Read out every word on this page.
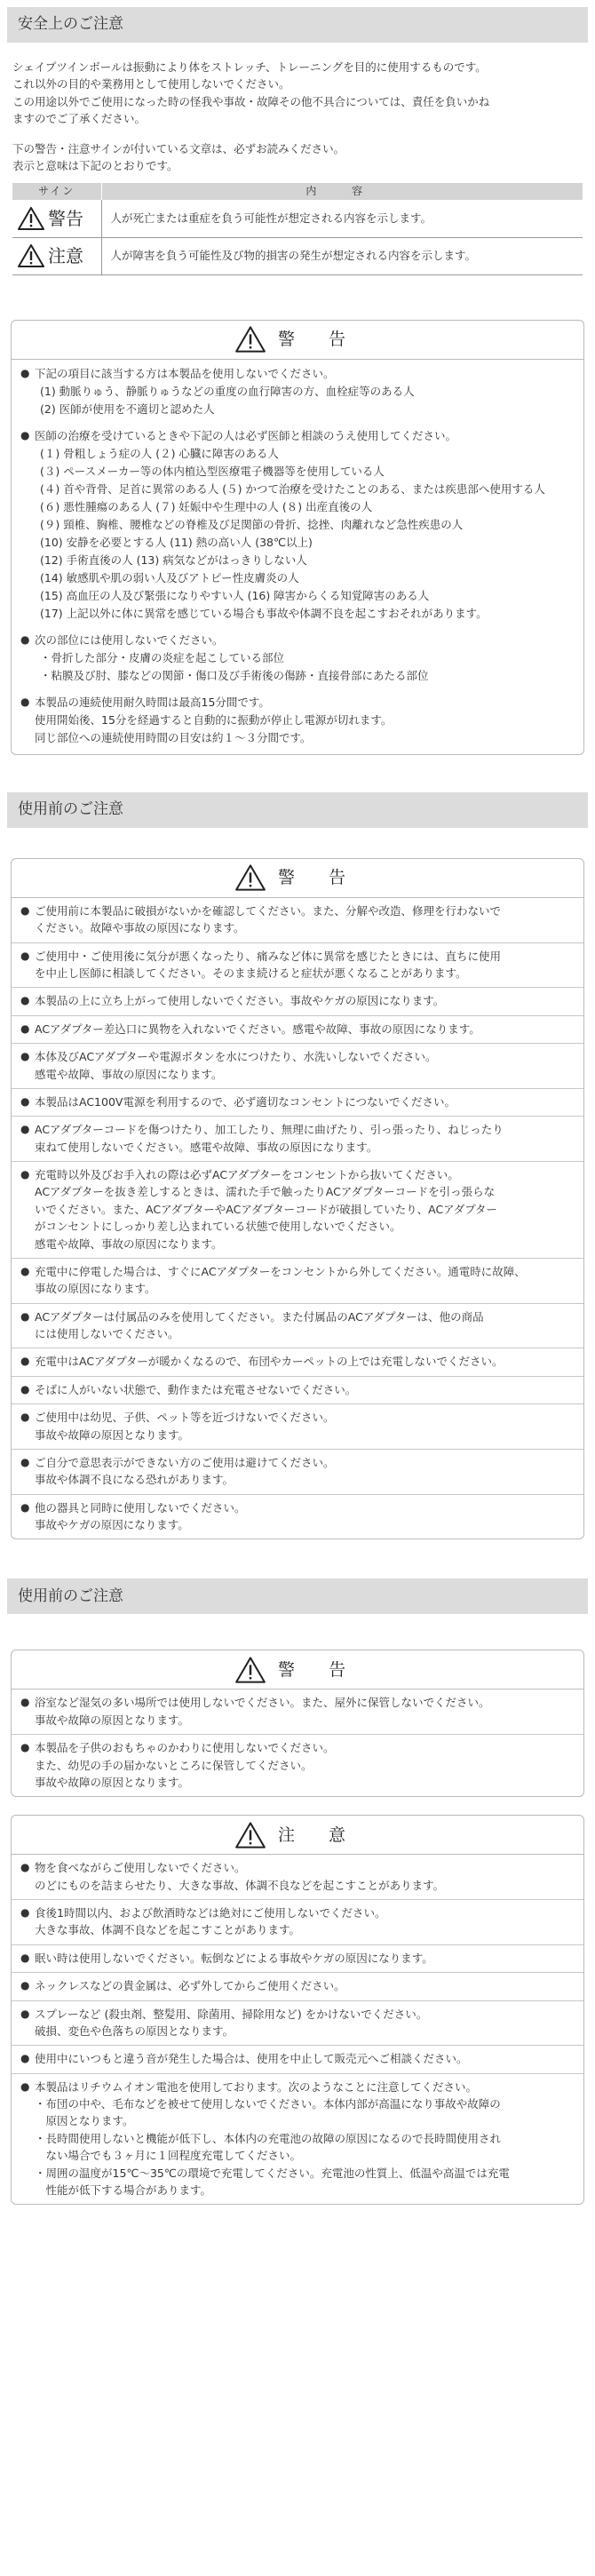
安全上のご注意

シェイプツインボールは振動により体をストレッチ、トレーニングを目的に使用するものです。

これ以外の目的や業務用として使用しないでください。

この用途以外でご使用になった時の怪我や事故・故障その他不具合については、責任を負いかね

ますのでご了承ください。

下の警告・注意サインが付いている文章は、必ずお読みください。

表示と意味は下記のとおりです。

サイン	内 容

警告	人が死亡または重症を負う可能性が想定される内容を示します。

注意	人が障害を負う可能性及び物的損害の発生が想定される内容を示します。
警 告
● 下記の項目に該当する方は本製品を使用しないでください。
(1) 動脈りゅう、静脈りゅうなどの重度の血行障害の方、血栓症等のある人
(2) 医師が使用を不適切と認めた人
● 医師の治療を受けているときや下記の人は必ず医師と相談のうえ使用してください。
(１) 骨粗しょう症の人 (２) 心臓に障害のある人
(３) ペースメーカー等の体内植込型医療電子機器等を使用している人
(４) 首や背骨、足首に異常のある人 (５) かつて治療を受けたことのある、または疾患部へ使用する人
(６) 悪性腫瘍のある人 (７) 妊娠中や生理中の人 (８) 出産直後の人
(９) 頸椎、胸椎、腰椎などの脊椎及び足関節の骨折、捻挫、肉離れなど急性疾患の人
(10) 安静を必要とする人 (11) 熱の高い人 (38℃以上)
(12) 手術直後の人 (13) 病気などがはっきりしない人
(14) 敏感肌や肌の弱い人及びアトピー性皮膚炎の人
(15) 高血圧の人及び緊張になりやすい人 (16) 障害からくる知覚障害のある人
(17) 上記以外に体に異常を感じている場合も事故や体調不良を起こすおそれがあります。
● 次の部位には使用しないでください。
・骨折した部分・皮膚の炎症を起こしている部位
・粘膜及び肘、膝などの関節・傷口及び手術後の傷跡・直接骨部にあたる部位
● 本製品の連続使用耐久時間は最高15分間です。
使用開始後、15分を経過すると自動的に振動が停止し電源が切れます。
同じ部位への連続使用時間の目安は約１～３分間です。
使用前のご注意
警 告
● ご使用前に本製品に破損がないかを確認してください。また、分解や改造、修理を行わないで
ください。故障や事故の原因になります。
● ご使用中・ご使用後に気分が悪くなったり、痛みなど体に異常を感じたときには、直ちに使用
を中止し医師に相談してください。そのまま続けると症状が悪くなることがあります。
● 本製品の上に立ち上がって使用しないでください。事故やケガの原因になります。
● ACアダプター差込口に異物を入れないでください。感電や故障、事故の原因になります。
● 本体及びACアダプターや電源ボタンを水につけたり、水洗いしないでください。
感電や故障、事故の原因になります。
● 本製品はAC100V電源を利用するので、必ず適切なコンセントにつないでください。
● ACアダプターコードを傷つけたり、加工したり、無理に曲げたり、引っ張ったり、ねじったり
束ねて使用しないでください。感電や故障、事故の原因になります。
● 充電時以外及びお手入れの際は必ずACアダプターをコンセントから抜いてください。
ACアダプターを抜き差しするときは、濡れた手で触ったりACアダプターコードを引っ張らな
いでください。また、ACアダプターやACアダプターコードが破損していたり、ACアダプター
がコンセントにしっかり差し込まれている状態で使用しないでください。
感電や故障、事故の原因になります。
● 充電中に停電した場合は、すぐにACアダプターをコンセントから外してください。通電時に故障、
事故の原因になります。
● ACアダプターは付属品のみを使用してください。また付属品のACアダプターは、他の商品
には使用しないでください。
● 充電中はACアダプターが暖かくなるので、布団やカーペットの上では充電しないでください。
● そばに人がいない状態で、動作または充電させないでください。
● ご使用中は幼児、子供、ペット等を近づけないでください。
事故や故障の原因となります。
● ご自分で意思表示ができない方のご使用は避けてください。
事故や体調不良になる恐れがあります。
● 他の器具と同時に使用しないでください。
事故やケガの原因になります。
使用前のご注意
警 告
● 浴室など湿気の多い場所では使用しないでください。また、屋外に保管しないでください。
事故や故障の原因となります。
● 本製品を子供のおもちゃのかわりに使用しないでください。
また、幼児の手の届かないところに保管してください。
事故や故障の原因となります。
注 意
● 物を食べながらご使用しないでください。
のどにものを詰まらせたり、大きな事故、体調不良などを起こすことがあります。
● 食後1時間以内、および飲酒時などは絶対にご使用しないでください。
大きな事故、体調不良などを起こすことがあります。
● 眠い時は使用しないでください。転倒などによる事故やケガの原因になります。
● ネックレスなどの貴金属は、必ず外してからご使用ください。
● スプレーなど (殺虫剤、整髪用、除菌用、掃除用など) をかけないでください。
破損、変色や色落ちの原因となります。
● 使用中にいつもと違う音が発生した場合は、使用を中止して販売元へご相談ください。
● 本製品はリチウムイオン電池を使用しております。次のようなことに注意してください。
・布団の中や、毛布などを被せて使用しないでください。本体内部が高温になり事故や故障の
　原因となります。
・長時間使用しないと機能が低下し、本体内の充電池の故障の原因になるので長時間使用され
　ない場合でも３ヶ月に１回程度充電してください。
・周囲の温度が15℃～35℃の環境で充電してください。充電池の性質上、低温や高温では充電
　性能が低下する場合があります。
